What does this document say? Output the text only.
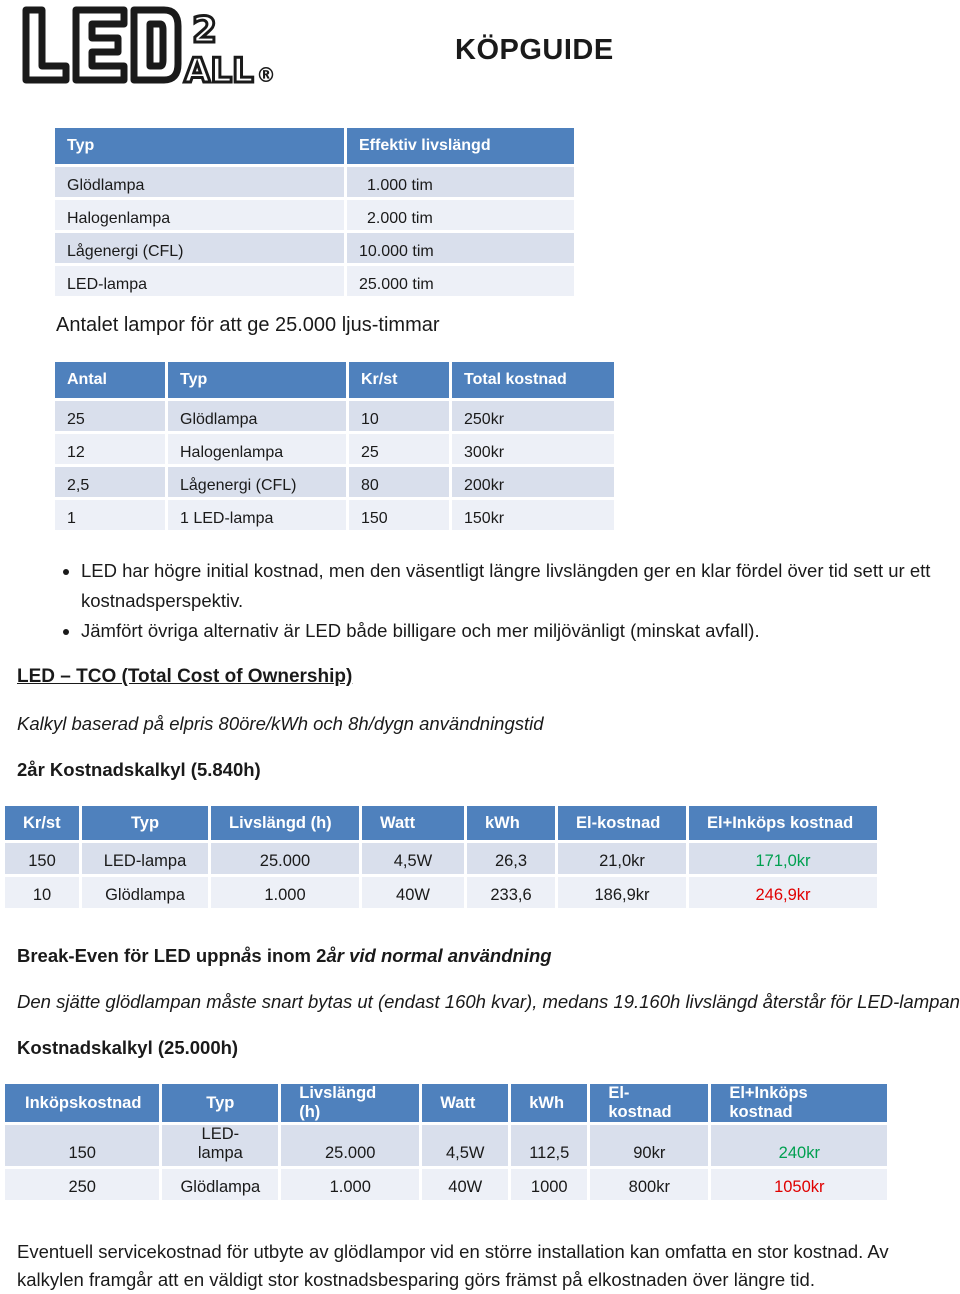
2
ALL ®
KÖPGUIDE
Typ	Effektiv livslängd
Glödlampa	1.000 tim
Halogenlampa	2.000 tim
Lågenergi (CFL)	10.000 tim
LED-lampa	25.000 tim
Antalet lampor för att ge 25.000 ljus-timmar
Antal	Typ	Kr/st	Total kostnad
25	Glödlampa	10	250kr
12	Halogenlampa	25	300kr
2,5	Lågenergi (CFL)	80	200kr
1	1 LED-lampa	150	150kr
• LED har högre initial kostnad, men den väsentligt längre livslängden ger en klar fördel över tid sett ur ett kostnadsperspektiv.
• Jämfört övriga alternativ är LED både billigare och mer miljövänligt (minskat avfall).
LED – TCO (Total Cost of Ownership)
Kalkyl baserad på elpris 80öre/kWh och 8h/dygn användningstid
2år Kostnadskalkyl (5.840h)
Kr/st	Typ	Livslängd (h)	Watt	kWh	El-kostnad	El+Inköps kostnad
150	LED-lampa	25.000	4,5W	26,3	21,0kr	171,0kr
10	Glödlampa	1.000	40W	233,6	186,9kr	246,9kr
Break-Even för LED uppnås inom 2år vid normal användning
Den sjätte glödlampan måste snart bytas ut (endast 160h kvar), medans 19.160h livslängd återstår för LED-lampan
Kostnadskalkyl (25.000h)
Inköpskostnad	Typ	Livslängd (h)	Watt	kWh	El-kostnad	El+Inköps kostnad
150	LED-lampa	25.000	4,5W	112,5	90kr	240kr
250	Glödlampa	1.000	40W	1000	800kr	1050kr
Eventuell servicekostnad för utbyte av glödlampor vid en större installation kan omfatta en stor kostnad. Av kalkylen framgår att en väldigt stor kostnadsbesparing görs främst på elkostnaden över längre tid.
